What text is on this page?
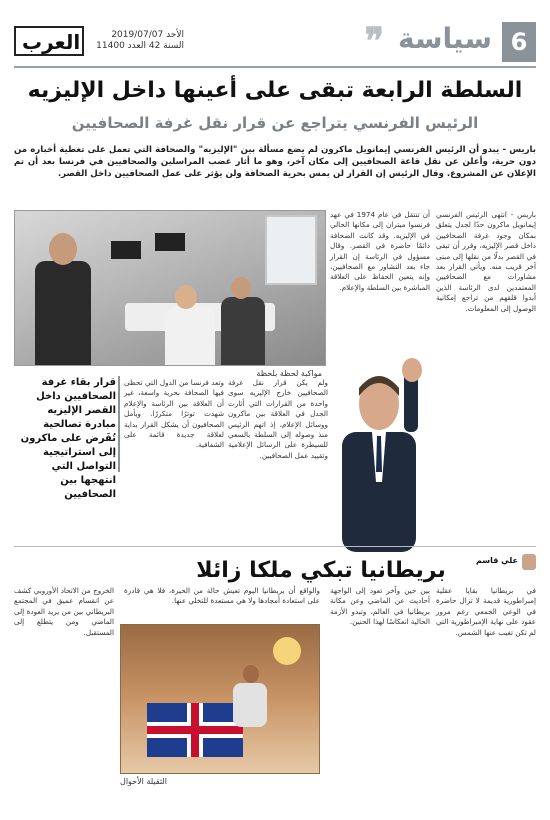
6
سياسة
❞
العرب	الأحد 2019/07/07
السنة 42 العدد 11400
السلطة الرابعة تبقى على أعينها داخل الإليزيه
الرئيس الفرنسي يتراجع عن قرار نقل غرفة الصحافيين
باريس - يبدو أن الرئيس الفرنسي إيمانويل ماكرون لم يضع مسألة بين "الإليزيه" والصحافة التي تعمل على تغطية أخباره من دون حرية، وأعلن عن نقل قاعة الصحافيين إلى مكان آخر، وهو ما أثار غضب المراسلين والصحافيين في فرنسا بعد أن تم الإعلان عن المشروع. وقال الرئيس إن القرار لن يمس بحرية الصحافة ولن يؤثر على عمل الصحافيين داخل القصر.
مواكبة لحظة بلحظة
باريس - انتهى الرئيس الفرنسي إيمانويل ماكرون حدًا لجدل يتعلق بمكان وجود غرفة الصحافيين داخل قصر الإليزيه، وقرر أن تبقى في القصر بدلًا من نقلها إلى مبنى آخر قريب منه. ويأتي القرار بعد مشاورات مع الصحافيين المعتمدين لدى الرئاسة الذين أبدوا قلقهم من تراجع إمكانية الوصول إلى المعلومات.
أن تنتقل في عام 1974 في عهد فرنسوا ميتران إلى مكانها الحالي في الإليزيه. وقد كانت الصحافة دائمًا حاضرة في القصر. وقال مسؤول في الرئاسة إن القرار جاء بعد التشاور مع الصحافيين، وإنه يتعين الحفاظ على العلاقة المباشرة بين السلطة والإعلام.
ولم يكن قرار نقل غرفة الصحافيين خارج الإليزيه سوى واحدة من القرارات التي أثارت الجدل في العلاقة بين ماكرون ووسائل الإعلام، إذ اتهم الرئيس منذ وصوله إلى السلطة بالسعي للسيطرة على الرسائل الإعلامية وتقييد عمل الصحافيين.
وتعد فرنسا من الدول التي تحظى فيها الصحافة بحرية واسعة، غير أن العلاقة بين الرئاسة والإعلام شهدت توترًا متكررًا. ويأمل الصحافيون أن يشكل القرار بداية لعلاقة جديدة قائمة على الشفافية.
قرار بقاء غرفة الصحافيين داخل القصر الإليزيه مبادرة تصالحية تُفَرض على ماكرون إلى استراتيجية التواصل التي انتهجها بين الصحافيين
بريطانيا تبكي ملكا زائلا	علي قاسم
في بريطانيا بقايا عقلية إمبراطورية قديمة لا تزال حاضرة في الوعي الجمعي رغم مرور عقود على نهاية الإمبراطورية التي لم تكن تغيب عنها الشمس.
بين حين وآخر تعود إلى الواجهة أحاديث عن الماضي وعن مكانة بريطانيا في العالم، وتبدو الأزمة الحالية انعكاسًا لهذا الحنين.
الخروج من الاتحاد الأوروبي كشف عن انقسام عميق في المجتمع البريطاني بين من يريد العودة إلى الماضي ومن يتطلع إلى المستقبل.
والواقع أن بريطانيا اليوم تعيش حالة من الحيرة، فلا هي قادرة على استعادة أمجادها ولا هي مستعدة للتخلي عنها.
الثقيلة الأحوال
